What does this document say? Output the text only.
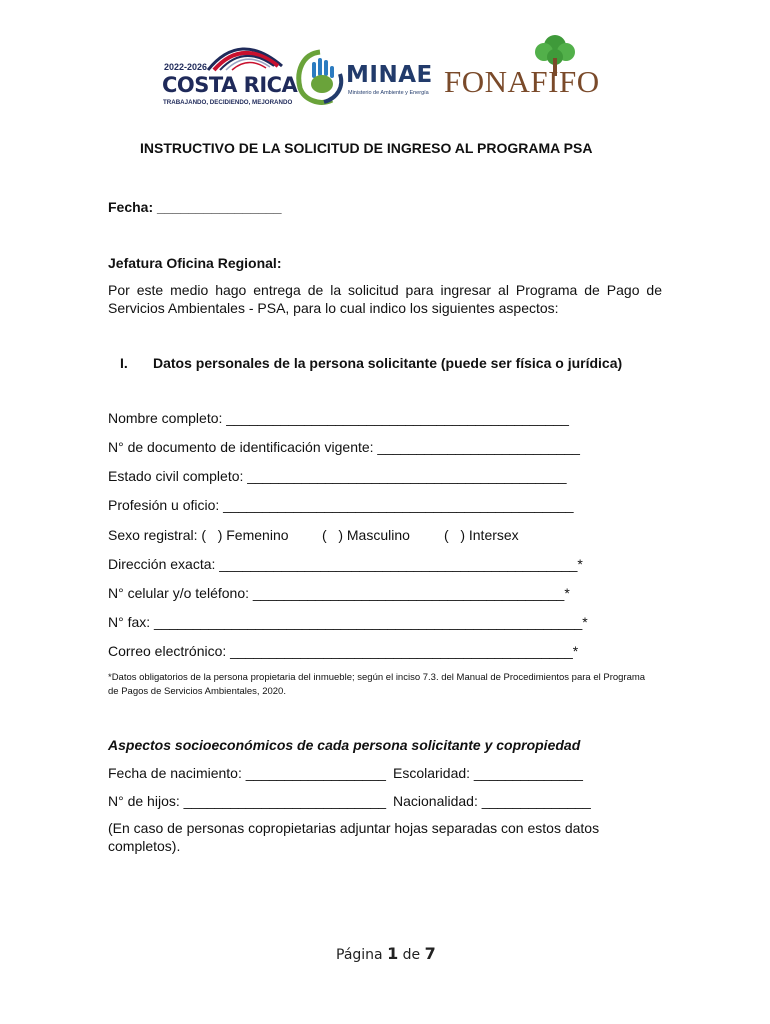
2022-2026
COSTA RICA
TRABAJANDO, DECIDIENDO, MEJORANDO
MINAE
Ministerio de Ambiente y Energía FONAFIFO
INSTRUCTIVO DE LA SOLICITUD DE INGRESO AL PROGRAMA PSA
Fecha: ________________
Jefatura Oficina Regional:
Por este medio hago entrega de la solicitud para ingresar al Programa de Pago de Servicios Ambientales - PSA, para lo cual indico los siguientes aspectos:
I. Datos personales de la persona solicitante (puede ser física o jurídica)
Nombre completo: ____________________________________________
N° de documento de identificación vigente: __________________________
Estado civil completo: _________________________________________
Profesión u oficio: _____________________________________________
Sexo registral: (   ) Femenino (   ) Masculino (   ) Intersex
Dirección exacta: ______________________________________________*
N° celular y/o teléfono: ________________________________________*
N° fax: _______________________________________________________*
Correo electrónico: ____________________________________________*
*Datos obligatorios de la persona propietaria del inmueble; según el inciso 7.3. del Manual de Procedimientos para el Programa de Pagos de Servicios Ambientales, 2020.
Aspectos socioeconómicos de cada persona solicitante y copropiedad
Fecha de nacimiento: __________________ Escolaridad: ______________
N° de hijos: __________________________ Nacionalidad: ______________
(En caso de personas copropietarias adjuntar hojas separadas con estos datos completos).
Página 1 de 7
